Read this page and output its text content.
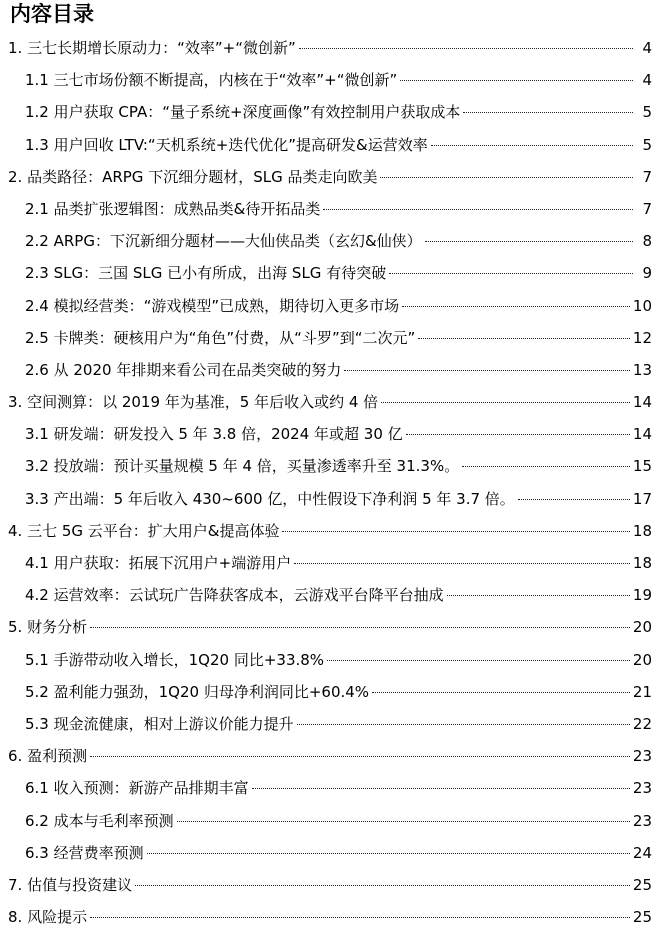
内容目录
1. 三七长期增长原动力：“效率”+“微创新”	4
1.1 三七市场份额不断提高，内核在于“效率”+“微创新”	4
1.2 用户获取 CPA：“量子系统+深度画像”有效控制用户获取成本	5
1.3 用户回收 LTV:“天机系统+迭代优化”提高研发&运营效率	5
2. 品类路径：ARPG 下沉细分题材，SLG 品类走向欧美	7
2.1 品类扩张逻辑图：成熟品类&待开拓品类	7
2.2 ARPG：下沉新细分题材——大仙侠品类（玄幻&仙侠）	8
2.3 SLG：三国 SLG 已小有所成，出海 SLG 有待突破	9
2.4 模拟经营类：“游戏模型”已成熟，期待切入更多市场	10
2.5 卡牌类：硬核用户为“角色”付费，从“斗罗”到“二次元”	12
2.6 从 2020 年排期来看公司在品类突破的努力	13
3. 空间测算：以 2019 年为基准，5 年后收入或约 4 倍	14
3.1 研发端：研发投入 5 年 3.8 倍，2024 年或超 30 亿	14
3.2 投放端：预计买量规模 5 年 4 倍，买量渗透率升至 31.3%。	15
3.3 产出端：5 年后收入 430~600 亿，中性假设下净利润 5 年 3.7 倍。	17
4. 三七 5G 云平台：扩大用户&提高体验	18
4.1 用户获取：拓展下沉用户+端游用户	18
4.2 运营效率：云试玩广告降获客成本，云游戏平台降平台抽成	19
5. 财务分析	20
5.1 手游带动收入增长，1Q20 同比+33.8%	20
5.2 盈利能力强劲，1Q20 归母净利润同比+60.4%	21
5.3 现金流健康，相对上游议价能力提升	22
6. 盈利预测	23
6.1 收入预测：新游产品排期丰富	23
6.2 成本与毛利率预测	23
6.3 经营费率预测	24
7. 估值与投资建议	25
8. 风险提示	25
